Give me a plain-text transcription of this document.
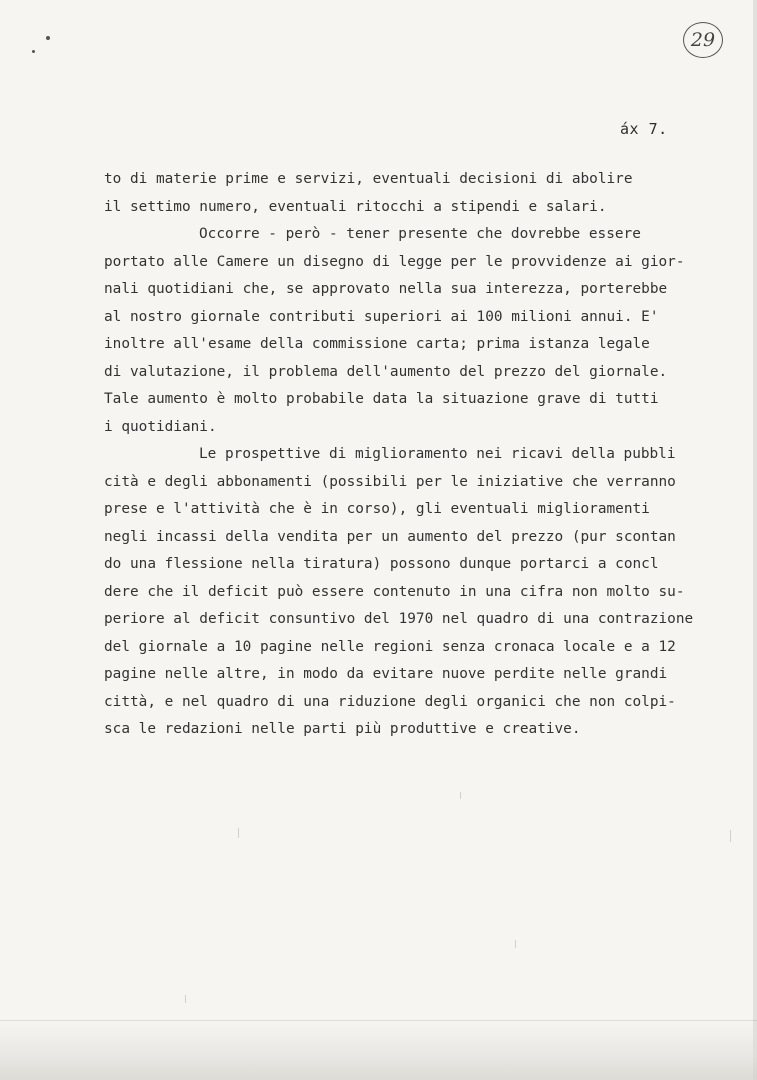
29
áx 7.
to di materie prime e servizi, eventuali decisioni di abolire
il settimo numero, eventuali ritocchi a stipendi e salari.
Occorre - però - tener presente che dovrebbe essere
portato alle Camere un disegno di legge per le provvidenze ai gior-
nali quotidiani che, se approvato nella sua interezza, porterebbe
al nostro giornale contributi superiori ai 100 milioni annui. E'
inoltre all'esame della commissione carta; prima istanza legale
di valutazione, il problema dell'aumento del prezzo del giornale.
Tale aumento è molto probabile data la situazione grave di tutti
i quotidiani.
Le prospettive di miglioramento nei ricavi della pubbli
cità e degli abbonamenti (possibili per le iniziative che verranno
prese e l'attività che è in corso), gli eventuali miglioramenti
negli incassi della vendita per un aumento del prezzo (pur scontan
do una flessione nella tiratura) possono dunque portarci a concl
dere che il deficit può essere contenuto in una cifra non molto su-
periore al deficit consuntivo del 1970 nel quadro di una contrazione
del giornale a 10 pagine nelle regioni senza cronaca locale e a 12
pagine nelle altre, in modo da evitare nuove perdite nelle grandi
città, e nel quadro di una riduzione degli organici che non colpi-
sca le redazioni nelle parti più produttive e creative.
